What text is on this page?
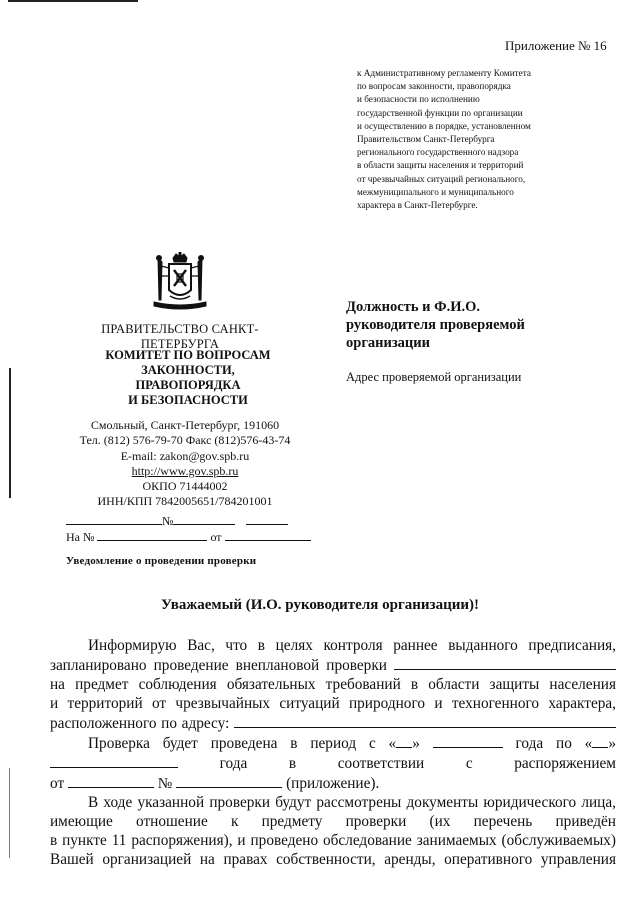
Приложение № 16
к Административному регламенту Комитета
по вопросам законности, правопорядка
и безопасности по исполнению
государственной функции по организации
и осуществлению в порядке, установленном
Правительством Санкт-Петербурга
регионального государственного надзора
в области защиты населения и территорий
от чрезвычайных ситуаций регионального,
межмуниципального и муниципального
характера в Санкт-Петербурге.
ПРАВИТЕЛЬСТВО САНКТ-ПЕТЕРБУРГА
КОМИТЕТ ПО ВОПРОСАМ
ЗАКОННОСТИ, ПРАВОПОРЯДКА
И БЕЗОПАСНОСТИ
Смольный, Санкт-Петербург, 191060
Тел. (812) 576-79-70 Факс (812)576-43-74
E-mail: zakon@gov.spb.ru
http://www.gov.spb.ru
ОКПО 71444002
ИНН/КПП 7842005651/784201001
№
На №	от
Уведомление о проведении проверки
Должность и Ф.И.О.
руководителя проверяемой
организации
Адрес проверяемой организации
Уважаемый (И.О. руководителя организации)!

Информирую Вас, что в целях контроля раннее выданного предписания,

запланировано проведение внеплановой проверки

на предмет соблюдения обязательных требований в области защиты населения

и территорий от чрезвычайных ситуаций природного и техногенного характера,

расположенного по адресу:

Проверка будет проведена в период с « »	года по « »

года в соответствии с распоряжением

от	№	(приложение).

В ходе указанной проверки будут рассмотрены документы юридического лица,

имеющие отношение к предмету проверки (их перечень приведён

в пункте 11 распоряжения), и проведено обследование занимаемых (обслуживаемых)

Вашей организацией на правах собственности, аренды, оперативного управления
